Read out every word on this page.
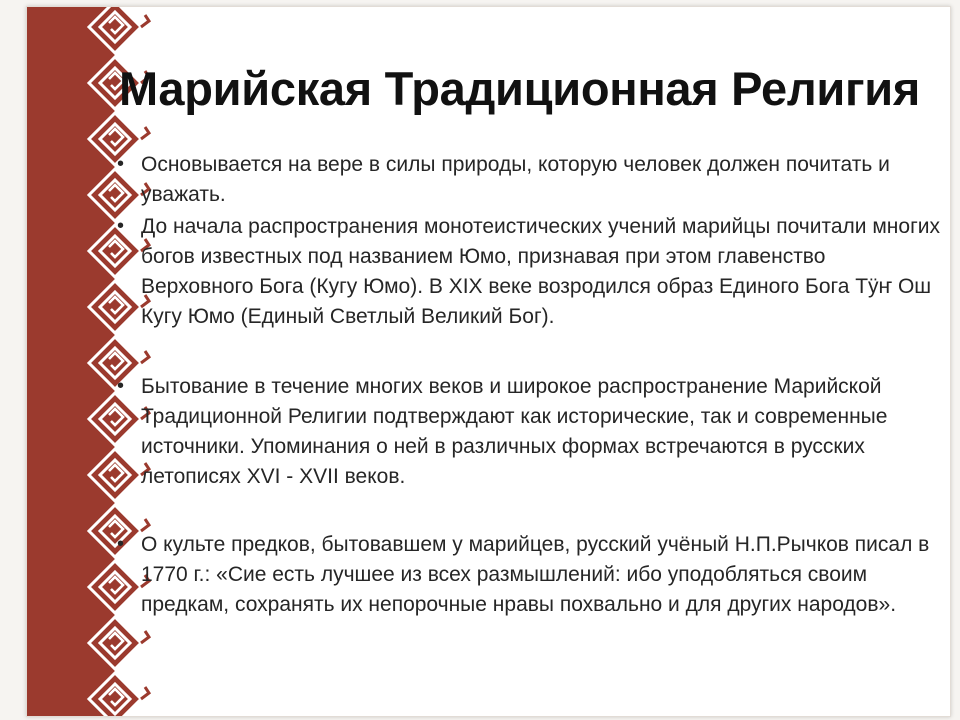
Марийская Традиционная Религия
• Основывается на вере в силы природы, которую человек должен почитать и уважать.
• До начала распространения монотеистических учений марийцы почитали многих богов известных под названием Юмо, признавая при этом главенство Верховного Бога (Кугу Юмо). В XIX веке возродился образ Единого Бога Тӱҥ Ош Кугу Юмо (Единый Светлый Великий Бог).
• Бытование в течение многих веков и широкое распространение Марийской Традиционной Религии подтверждают как исторические, так и современные источники. Упоминания о ней в различных формах встречаются в русских летописях XVI - XVII веков.
• О культе предков, бытовавшем у марийцев, русский учёный Н.П.Рычков писал в 1770 г.: «Сие есть лучшее из всех размышлений: ибо уподобляться своим предкам, сохранять их непорочные нравы похвально и для других народов».
